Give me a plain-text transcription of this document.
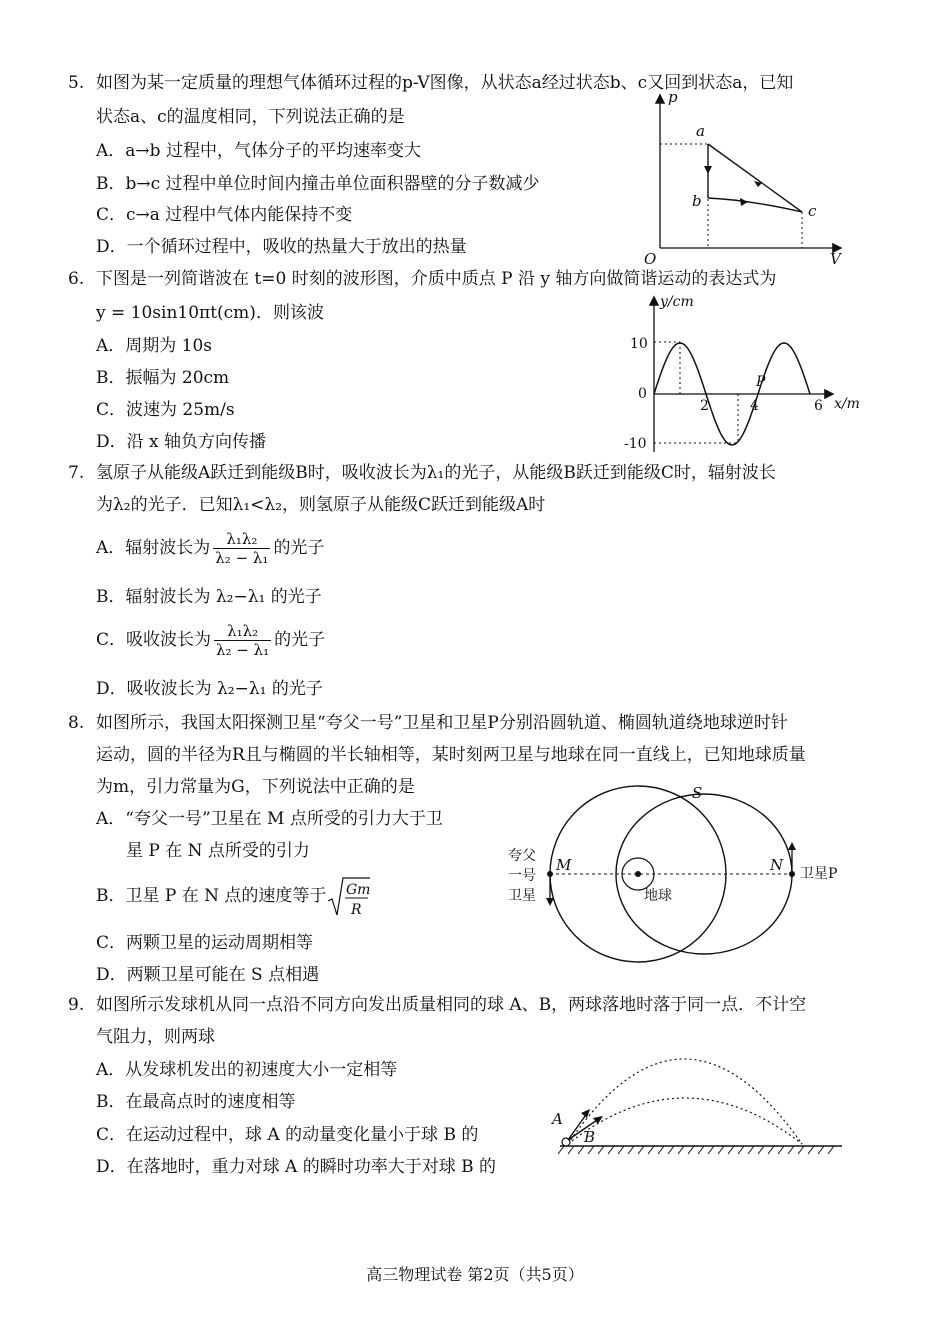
5. 如图为某一定质量的理想气体循环过程的p-V图像，从状态a经过状态b、c又回到状态a，已知
状态a、c的温度相同，下列说法正确的是
A．a→b 过程中，气体分子的平均速率变大
B．b→c 过程中单位时间内撞击单位面积器壁的分子数减少
C．c→a 过程中气体内能保持不变
D．一个循环过程中，吸收的热量大于放出的热量
p
V
O
a
b
c
6. 下图是一列简谐波在 t=0 时刻的波形图，介质中质点 P 沿 y 轴方向做简谐运动的表达式为
y = 10sin10πt(cm)．则该波
A．周期为 10s
B．振幅为 20cm
C．波速为 25m/s
D．沿 x 轴负方向传播
y/cm
x/m
10
0
-10
2	4	6
P
7. 氢原子从能级A跃迁到能级B时，吸收波长为λ₁的光子，从能级B跃迁到能级C时，辐射波长
为λ₂的光子．已知λ₁<λ₂，则氢原子从能级C跃迁到能级A时
A．辐射波长为 $\frac{\text{λ₁λ₂}}{\text{λ₂ − λ₁}}$ 的光子
B．辐射波长为 λ₂−λ₁ 的光子
C．吸收波长为 $\frac{\text{λ₁λ₂}}{\text{λ₂ − λ₁}}$ 的光子
D．吸收波长为 λ₂−λ₁ 的光子
8. 如图所示，我国太阳探测卫星“夸父一号”卫星和卫星P分别沿圆轨道、椭圆轨道绕地球逆时针
运动，圆的半径为R且与椭圆的半长轴相等，某时刻两卫星与地球在同一直线上，已知地球质量
为m，引力常量为G，下列说法中正确的是
A．“夸父一号”卫星在 M 点所受的引力大于卫
星 P 在 N 点所受的引力
B．卫星 P 在 N 点的速度等于 Gm
R
C．两颗卫星的运动周期相等
D．两颗卫星可能在 S 点相遇
S
M	N
地球
夸父
一号
卫星
卫星P
9. 如图所示发球机从同一点沿不同方向发出质量相同的球 A、B，两球落地时落于同一点．不计空
气阻力，则两球
A．从发球机发出的初速度大小一定相等
B．在最高点时的速度相等
C．在运动过程中，球 A 的动量变化量小于球 B 的
D．在落地时，重力对球 A 的瞬时功率大于对球 B 的
A
B
高三物理试卷 第2页（共5页）
